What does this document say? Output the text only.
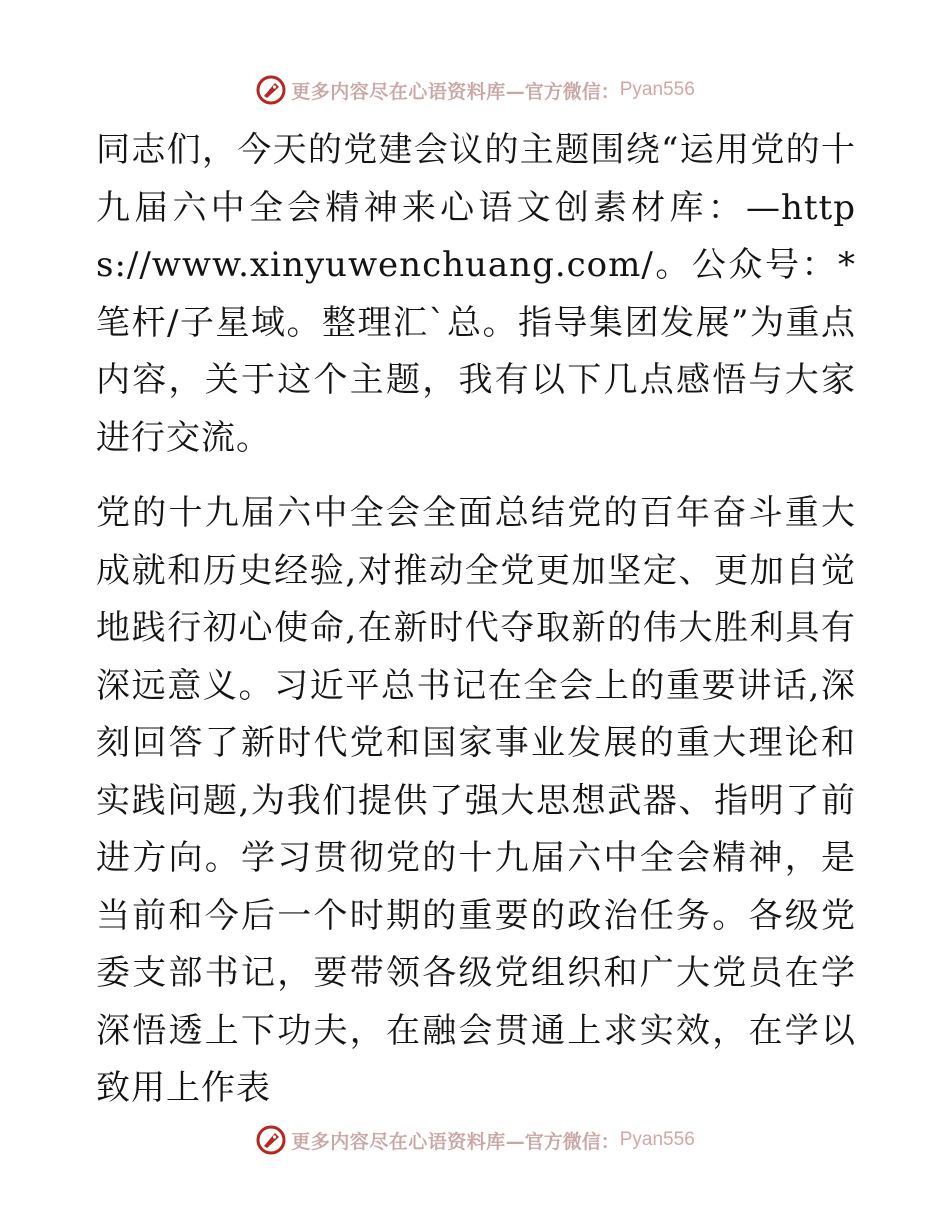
更多内容尽在心语资料库 —官方微信： Pyan556

同志们，今天的党建会议的主题围绕“运用党的十九届六中全会精神来心语文创素材库：—https://www.xinyuwenchuang.com/。公众号：*笔杆/子星域。整理汇`总。指导集团发展”为重点内容，关于这个主题，我有以下几点感悟与大家进行交流。

党的十九届六中全会全面总结党的百年奋斗重大成就和历史经验,对推动全党更加坚定、更加自觉地践行初心使命,在新时代夺取新的伟大胜利具有深远意义。习近平总书记在全会上的重要讲话,深刻回答了新时代党和国家事业发展的重大理论和实践问题,为我们提供了强大思想武器、指明了前进方向。学习贯彻党的十九届六中全会精神，是当前和今后一个时期的重要的政治任务。各级党委支部书记，要带领各级党组织和广大党员在学深悟透上下功夫，在融会贯通上求实效，在学以致用上作表

更多内容尽在心语资料库 —官方微信： Pyan556
